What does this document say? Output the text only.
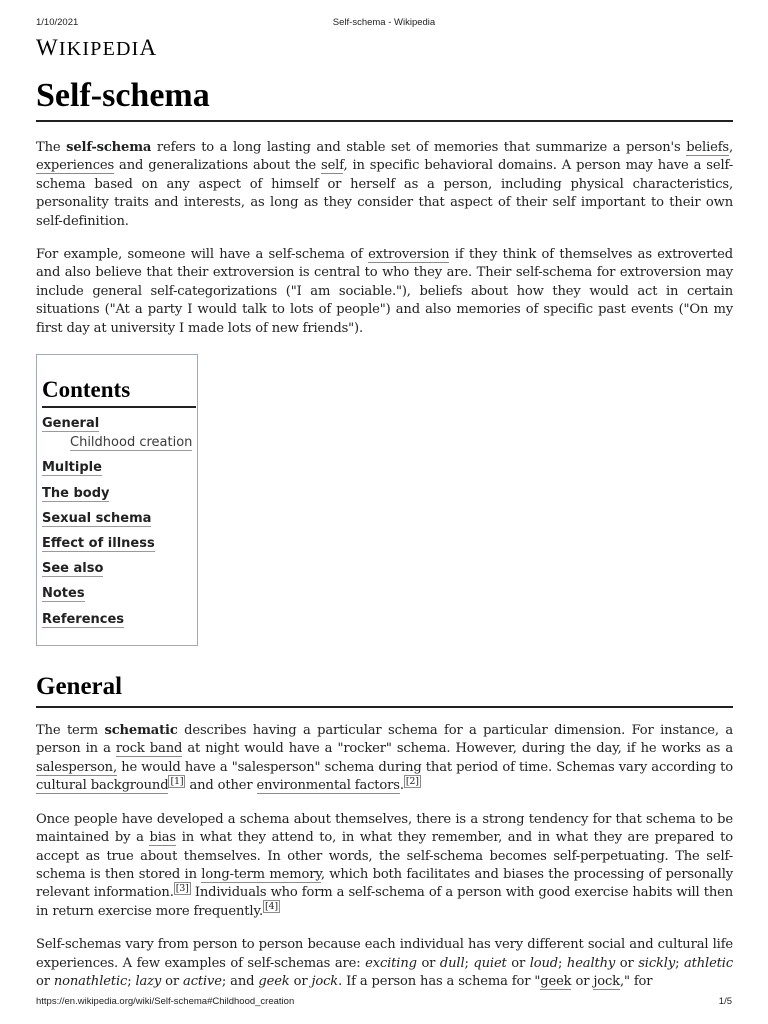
1/10/2021	Self-schema - Wikipedia
WIKIPEDIA
Self-schema

The self-schema refers to a long lasting and stable set of memories that summarize a person's beliefs, experiences and generalizations about the self, in specific behavioral domains. A person may have a self-schema based on any aspect of himself or herself as a person, including physical characteristics, personality traits and interests, as long as they consider that aspect of their self important to their own self-definition.

For example, someone will have a self-schema of extroversion if they think of themselves as extroverted and also believe that their extroversion is central to who they are. Their self-schema for extroversion may include general self-categorizations ("I am sociable."), beliefs about how they would act in certain situations ("At a party I would talk to lots of people") and also memories of specific past events ("On my first day at university I made lots of new friends").

Contents
General
Childhood creation
Multiple
The body
Sexual schema
Effect of illness
See also
Notes
References
General

The term schematic describes having a particular schema for a particular dimension. For instance, a person in a rock band at night would have a "rocker" schema. However, during the day, if he works as a salesperson, he would have a "salesperson" schema during that period of time. Schemas vary according to cultural background [1] and other environmental factors. [2]

Once people have developed a schema about themselves, there is a strong tendency for that schema to be maintained by a bias in what they attend to, in what they remember, and in what they are prepared to accept as true about themselves. In other words, the self-schema becomes self-perpetuating. The self-schema is then stored in long-term memory, which both facilitates and biases the processing of personally relevant information. [3] Individuals who form a self-schema of a person with good exercise habits will then in return exercise more frequently. [4]

Self-schemas vary from person to person because each individual has very different social and cultural life experiences. A few examples of self-schemas are: exciting or dull; quiet or loud; healthy or sickly; athletic or nonathletic; lazy or active; and geek or jock. If a person has a schema for "geek or jock," for

https://en.wikipedia.org/wiki/Self-schema#Childhood_creation	1/5
